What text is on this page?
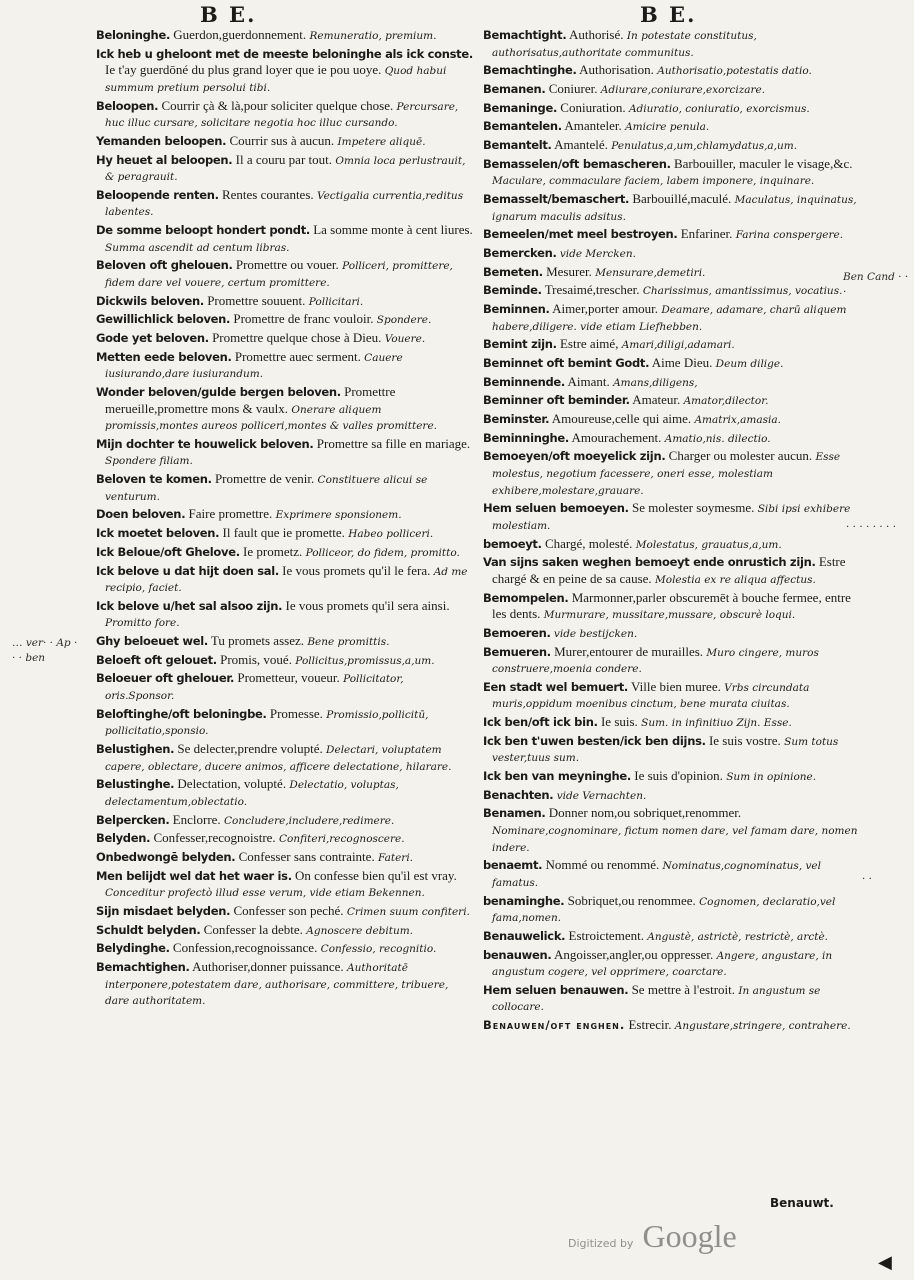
B E.	B E.
Beloninghe. Guerdon,guerdonnement. Remuneratio, premium.
Ick heb u gheloont met de meeste beloninghe als ick conste. Ie t'ay guerdōné du plus grand loyer que ie pou uoye. Quod habui summum pretium persolui tibi.
Beloopen. Courrir çà & là,pour soliciter quelque chose. Percursare, huc illuc cursare, solicitare negotia hoc illuc cursando.
Yemanden beloopen. Courrir sus à aucun. Impetere aliquē.
Hy heuet al beloopen. Il a couru par tout. Omnia loca perlustrauit, & peragrauit.
Beloopende renten. Rentes courantes. Vectigalia currentia,reditus labentes.
De somme beloopt hondert pondt. La somme monte à cent liures. Summa ascendit ad centum libras.
Beloven oft ghelouen. Promettre ou vouer. Polliceri, promittere, fidem dare vel vouere, certum promittere.
Dickwils beloven. Promettre souuent. Pollicitari.
Gewillichlick beloven. Promettre de franc vouloir. Spondere.
Gode yet beloven. Promettre quelque chose à Dieu. Vouere.
Metten eede beloven. Promettre auec serment. Cauere iusiurando,dare iusiurandum.
Wonder beloven/gulde bergen beloven. Promettre merueille,promettre mons & vaulx. Onerare aliquem promissis,montes aureos polliceri,montes & valles promittere.
Mijn dochter te houwelick beloven. Promettre sa fille en mariage. Spondere filiam.
Beloven te komen. Promettre de venir. Constituere alicui se venturum.
Doen beloven. Faire promettre. Exprimere sponsionem.
Ick moetet beloven. Il fault que ie promette. Habeo polliceri.
Ick Beloue/oft Ghelove. Ie prometz. Polliceor, do fidem, promitto.
Ick belove u dat hijt doen sal. Ie vous promets qu'il le fera. Ad me recipio, faciet.
Ick belove u/het sal alsoo zijn. Ie vous promets qu'il sera ainsi. Promitto fore.
Ghy beloeuet wel. Tu promets assez. Bene promittis.
Beloeft oft gelouet. Promis, voué. Pollicitus,promissus,a,um.
Beloeuer oft ghelouer. Prometteur, voueur. Pollicitator, oris.Sponsor.
Beloftinghe/oft beloningbe. Promesse. Promissio,pollicitū, pollicitatio,sponsio.
Belustighen. Se delecter,prendre volupté. Delectari, voluptatem capere, oblectare, ducere animos, afficere delectatione, hilarare.
Belustinghe. Delectation, volupté. Delectatio, voluptas, delectamentum,oblectatio.
Belpercken. Enclorre. Concludere,includere,redimere.
Belyden. Confesser,recognoistre. Confiteri,recognoscere.
Onbedwongē belyden. Confesser sans contrainte. Fateri.
Men belijdt wel dat het waer is. On confesse bien qu'il est vray. Conceditur profectò illud esse verum, vide etiam Bekennen.
Sijn misdaet belyden. Confesser son peché. Crimen suum confiteri.
Schuldt belyden. Confesser la debte. Agnoscere debitum.
Belydinghe. Confession,recognoissance. Confessio, recognitio.
Bemachtighen. Authoriser,donner puissance. Authoritatē interponere,potestatem dare, authorisare, committere, tribuere, dare authoritatem.
Bemachtight. Authorisé. In potestate constitutus, authorisatus,authoritate communitus.
Bemachtinghe. Authorisation. Authorisatio,potestatis datio.
Bemanen. Coniurer. Adiurare,coniurare,exorcizare.
Bemaninge. Coniuration. Adiuratio, coniuratio, exorcismus.
Bemantelen. Amanteler. Amicire penula.
Bemantelt. Amantelé. Penulatus,a,um,chlamydatus,a,um.
Bemasselen/oft bemascheren. Barbouiller, maculer le visage,&c. Maculare, commaculare faciem, labem imponere, inquinare.
Bemasselt/bemaschert. Barbouillé,maculé. Maculatus, inquinatus, ignarum maculis adsitus.
Bemeelen/met meel bestroyen. Enfariner. Farina conspergere.
Bemercken. vide Mercken.
Bemeten. Mesurer. Mensurare,demetiri.
Beminde. Tresaimé,trescher. Charissimus, amantissimus, vocatius.
Beminnen. Aimer,porter amour. Deamare, adamare, charū aliquem habere,diligere. vide etiam Liefhebben.
Bemint zijn. Estre aimé, Amari,diligi,adamari.
Beminnet oft bemint Godt. Aime Dieu. Deum dilige.
Beminnende. Aimant. Amans,diligens,
Beminner oft beminder. Amateur. Amator,dilector.
Beminster. Amoureuse,celle qui aime. Amatrix,amasia.
Beminninghe. Amourachement. Amatio,nis. dilectio.
Bemoeyen/oft moeyelick zijn. Charger ou molester aucun. Esse molestus, negotium facessere, oneri esse, molestiam exhibere,molestare,grauare.
Hem seluen bemoeyen. Se molester soymesme. Sibi ipsi exhibere molestiam.
bemoeyt. Chargé, molesté. Molestatus, grauatus,a,um.
Van sijns saken weghen bemoeyt ende onrustich zijn. Estre chargé & en peine de sa cause. Molestia ex re aliqua affectus.
Bemompelen. Marmonner,parler obscuremēt à bouche fermee, entre les dents. Murmurare, mussitare,mussare, obscurè loqui.
Bemoeren. vide bestijcken.
Bemueren. Murer,entourer de murailles. Muro cingere, muros construere,moenia condere.
Een stadt wel bemuert. Ville bien muree. Vrbs circundata muris,oppidum moenibus cinctum, bene murata ciuitas.
Ick ben/oft ick bin. Ie suis. Sum. in infinitiuo Zijn. Esse.
Ick ben t'uwen besten/ick ben dijns. Ie suis vostre. Sum totus vester,tuus sum.
Ick ben van meyninghe. Ie suis d'opinion. Sum in opinione.
Benachten. vide Vernachten.
Benamen. Donner nom,ou sobriquet,renommer. Nominare,cognominare, fictum nomen dare, vel famam dare, nomen indere.
benaemt. Nommé ou renommé. Nominatus,cognominatus, vel famatus.
benaminghe. Sobriquet,ou renommee. Cognomen, declaratio,vel fama,nomen.
Benauwelick. Estroictement. Angustè, astrictè, restrictè, arctè.
benauwen. Angoisser,angler,ou oppresser. Angere, angustare, in angustum cogere, vel opprimere, coarctare.
Hem seluen benauwen. Se mettre à l'estroit. In angustum se collocare.
Benauwen/oft enghen. Estrecir. Angustare,stringere, contrahere.
Benauwt.
Digitized by Google
… ver· · Ap · · · ben
Ben Cand · · ·
· · · · · · · ·
· ·
◀
